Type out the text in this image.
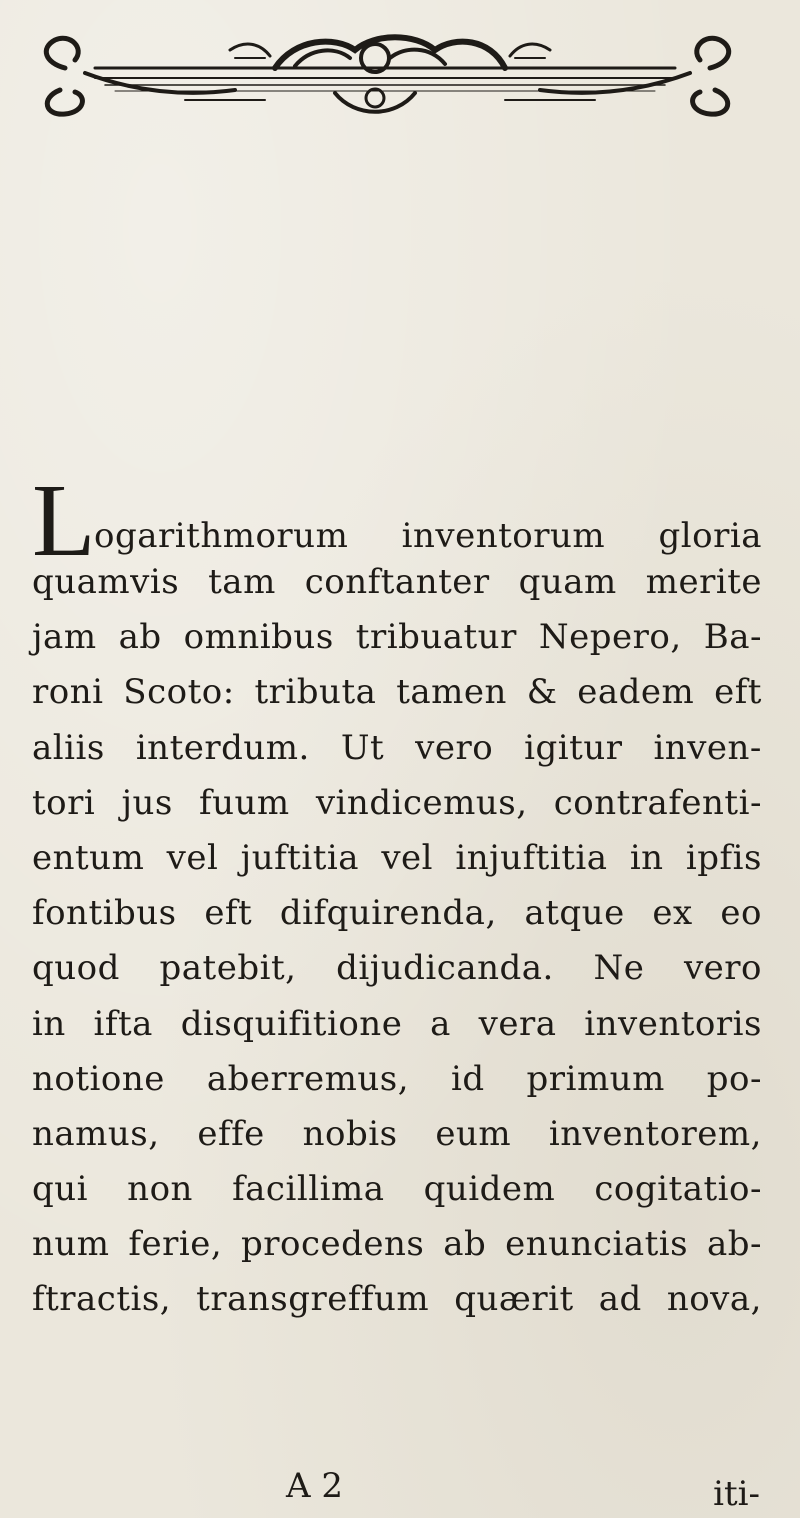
L
ogarithmorum inventorum gloria
quamvis tam conftanter quam merite
jam ab omnibus tribuatur Nepero, Ba-
roni Scoto: tributa tamen & eadem eft
aliis interdum. Ut vero igitur inven-
tori jus fuum vindicemus, contrafenti-
entum vel juftitia vel injuftitia in ipfis
fontibus eft difquirenda, atque ex eo
quod patebit, dijudicanda. Ne vero
in ifta disquifitione a vera inventoris
notione aberremus, id primum po-
namus, effe nobis eum inventorem,
qui non facillima quidem cogitatio-
num ferie, procedens ab enunciatis ab-
ftractis, transgreffum quærit ad nova,
A 2	iti-
